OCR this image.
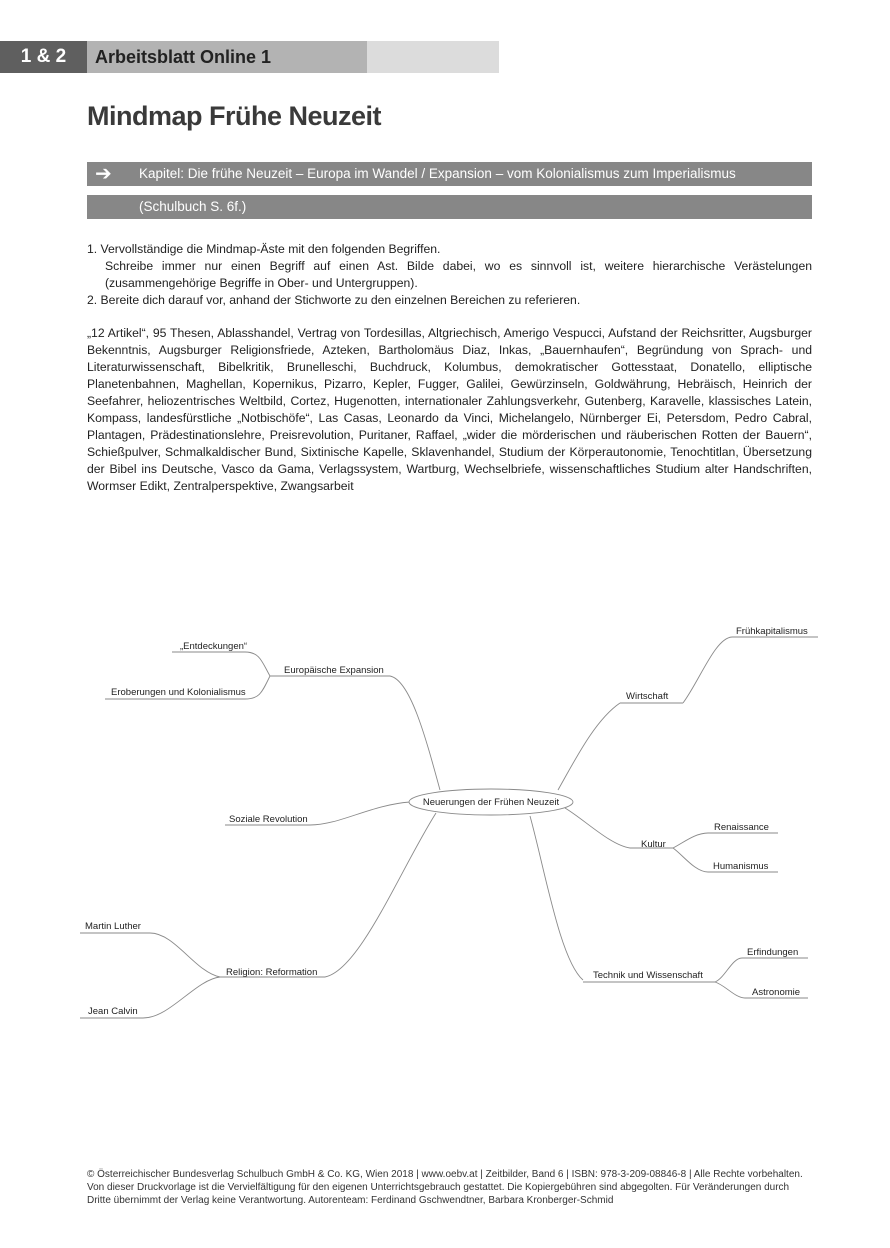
1 & 2	Arbeitsblatt Online 1
Mindmap Frühe Neuzeit
➔ Kapitel: Die frühe Neuzeit – Europa im Wandel / Expansion – vom Kolonialismus zum Imperialismus
(Schulbuch S. 6f.)

1. Vervollständige die Mindmap-Äste mit den folgenden Begriffen.

Schreibe immer nur einen Begriff auf einen Ast. Bilde dabei, wo es sinnvoll ist, weitere hierarchische Verästelungen (zusammengehörige Begriffe in Ober- und Untergruppen).

2. Bereite dich darauf vor, anhand der Stichworte zu den einzelnen Bereichen zu referieren.

„12 Artikel“, 95 Thesen, Ablasshandel, Vertrag von Tordesillas, Altgriechisch, Amerigo Vespucci, Aufstand der Reichsritter, Augsburger Bekenntnis, Augsburger Religionsfriede, Azteken, Bartholomäus Diaz, Inkas, „Bauernhaufen“, Begründung von Sprach- und Literaturwissenschaft, Bibelkritik, Brunelleschi, Buchdruck, Kolumbus, demokratischer Gottesstaat, Donatello, elliptische Planetenbahnen, Maghellan, Kopernikus, Pizarro, Kepler, Fugger, Galilei, Gewürzinseln, Goldwährung, Hebräisch, Heinrich der Seefahrer, heliozentrisches Weltbild, Cortez, Hugenotten, internationaler Zahlungsverkehr, Gutenberg, Karavelle, klassisches Latein, Kompass, landesfürstliche „Notbischöfe“, Las Casas, Leonardo da Vinci, Michelangelo, Nürnberger Ei, Petersdom, Pedro Cabral, Plantagen, Prädestinationslehre, Preisrevolution, Puritaner, Raffael, „wider die mörderischen und räuberischen Rotten der Bauern“, Schießpulver, Schmalkaldischer Bund, Sixtinische Kapelle, Sklavenhandel, Studium der Körperautonomie, Tenochtitlan, Übersetzung der Bibel ins Deutsche, Vasco da Gama, Verlagssystem, Wartburg, Wechselbriefe, wissenschaftliches Studium alter Handschriften, Wormser Edikt, Zentralperspektive, Zwangsarbeit

Neuerungen der Frühen Neuzeit
Europäische Expansion
„Entdeckungen“
Eroberungen und Kolonialismus
Soziale Revolution
Religion: Reformation
Martin Luther
Jean Calvin
Wirtschaft
Frühkapitalismus
Kultur
Renaissance
Humanismus
Technik und Wissenschaft
Erfindungen
Astronomie

© Österreichischer Bundesverlag Schulbuch GmbH & Co. KG, Wien 2018 | www.oebv.at | Zeitbilder, Band 6 | ISBN: 978-3-209-08846-8 | Alle Rechte vorbehalten. Von dieser Druckvorlage ist die Vervielfältigung für den eigenen Unterrichtsgebrauch gestattet. Die Kopiergebühren sind abgegolten. Für Veränderungen durch Dritte übernimmt der Verlag keine Verantwortung. Autorenteam: Ferdinand Gschwendtner, Barbara Kronberger-Schmid
